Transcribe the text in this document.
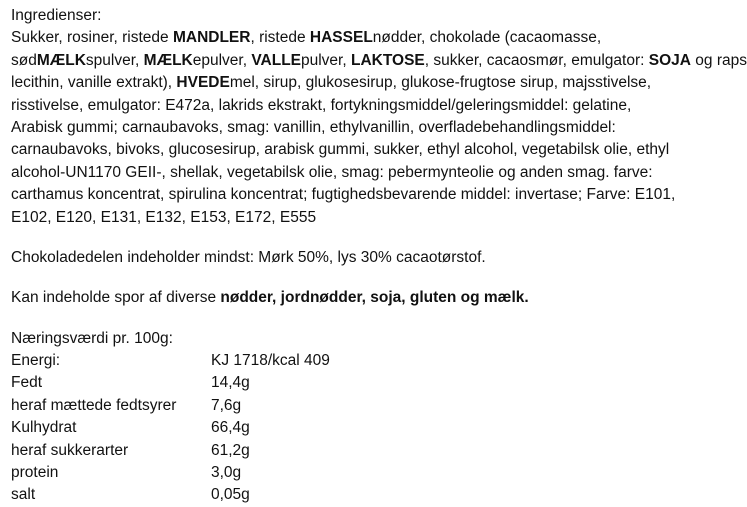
Ingredienser:
Sukker, rosiner, ristede MANDLER, ristede HASSELnødder, chokolade (cacaomasse,
sødMÆLKspulver, MÆLKepulver, VALLEpulver, LAKTOSE, sukker, cacaosmør, emulgator: SOJA og raps
lecithin, vanille extrakt), HVEDEmel, sirup, glukosesirup, glukose-frugtose sirup, majsstivelse,
risstivelse, emulgator: E472a, lakrids ekstrakt, fortykningsmiddel/geleringsmiddel: gelatine,
Arabisk gummi; carnaubavoks, smag: vanillin, ethylvanillin, overfladebehandlingsmiddel:
carnaubavoks, bivoks, glucosesirup, arabisk gummi, sukker, ethyl alcohol, vegetabilsk olie, ethyl
alcohol-UN1170 GEII-, shellak, vegetabilsk olie, smag: pebermynteolie og anden smag. farve:
carthamus koncentrat, spirulina koncentrat; fugtighedsbevarende middel: invertase; Farve: E101,
E102, E120, E131, E132, E153, E172, E555
Chokoladedelen indeholder mindst: Mørk 50%, lys 30% cacaotørstof.
Kan indeholde spor af diverse nødder, jordnødder, soja, gluten og mælk.
Næringsværdi pr. 100g:
Energi:	KJ 1718/kcal 409
Fedt	14,4g
heraf mættede fedtsyrer 7,6g
Kulhydrat	66,4g
heraf sukkerarter	61,2g
protein	3,0g
salt	0,05g
